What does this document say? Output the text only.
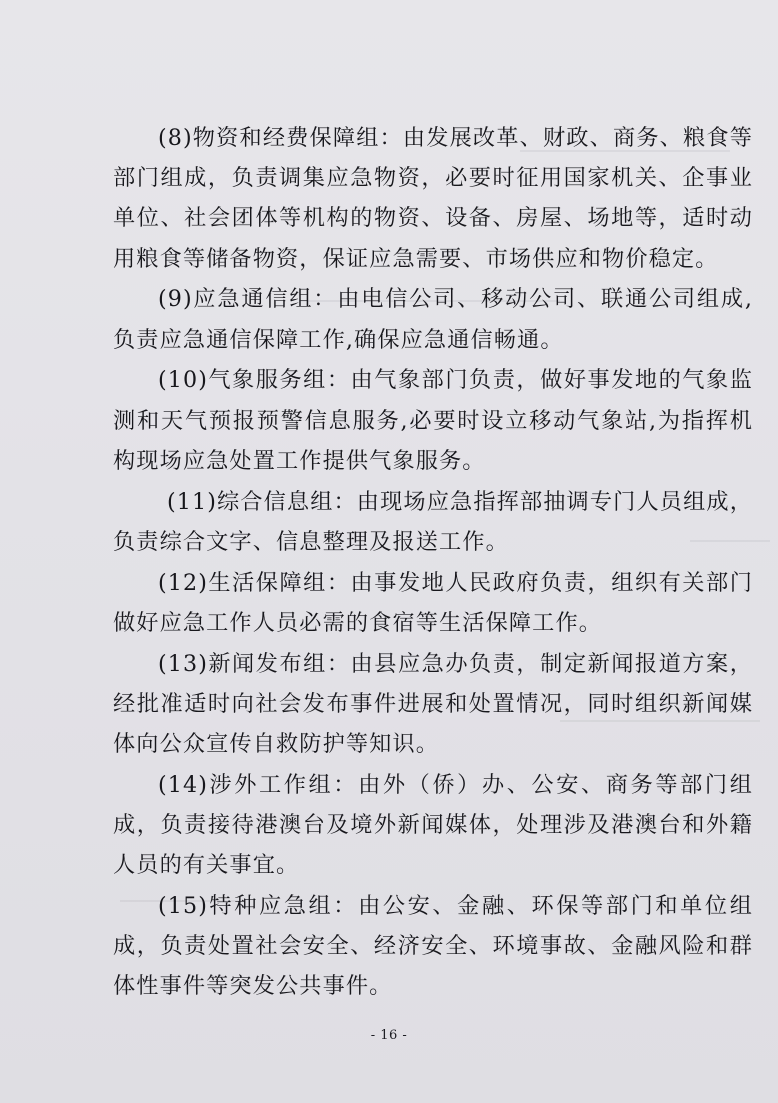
(8)物资和经费保障组：由发展改革、财政、商务、粮食等部门组成，负责调集应急物资，必要时征用国家机关、企事业单位、社会团体等机构的物资、设备、房屋、场地等，适时动用粮食等储备物资，保证应急需要、市场供应和物价稳定。

(9)应急通信组：由电信公司、移动公司、联通公司组成,负责应急通信保障工作,确保应急通信畅通。

(10)气象服务组：由气象部门负责，做好事发地的气象监测和天气预报预警信息服务,必要时设立移动气象站,为指挥机构现场应急处置工作提供气象服务。

(11)综合信息组：由现场应急指挥部抽调专门人员组成，负责综合文字、信息整理及报送工作。

(12)生活保障组：由事发地人民政府负责，组织有关部门做好应急工作人员必需的食宿等生活保障工作。

(13)新闻发布组：由县应急办负责，制定新闻报道方案，经批准适时向社会发布事件进展和处置情况，同时组织新闻媒体向公众宣传自救防护等知识。

(14)涉外工作组：由外（侨）办、公安、商务等部门组成，负责接待港澳台及境外新闻媒体，处理涉及港澳台和外籍人员的有关事宜。

(15)特种应急组：由公安、金融、环保等部门和单位组成，负责处置社会安全、经济安全、环境事故、金融风险和群体性事件等突发公共事件。

- 16 -
